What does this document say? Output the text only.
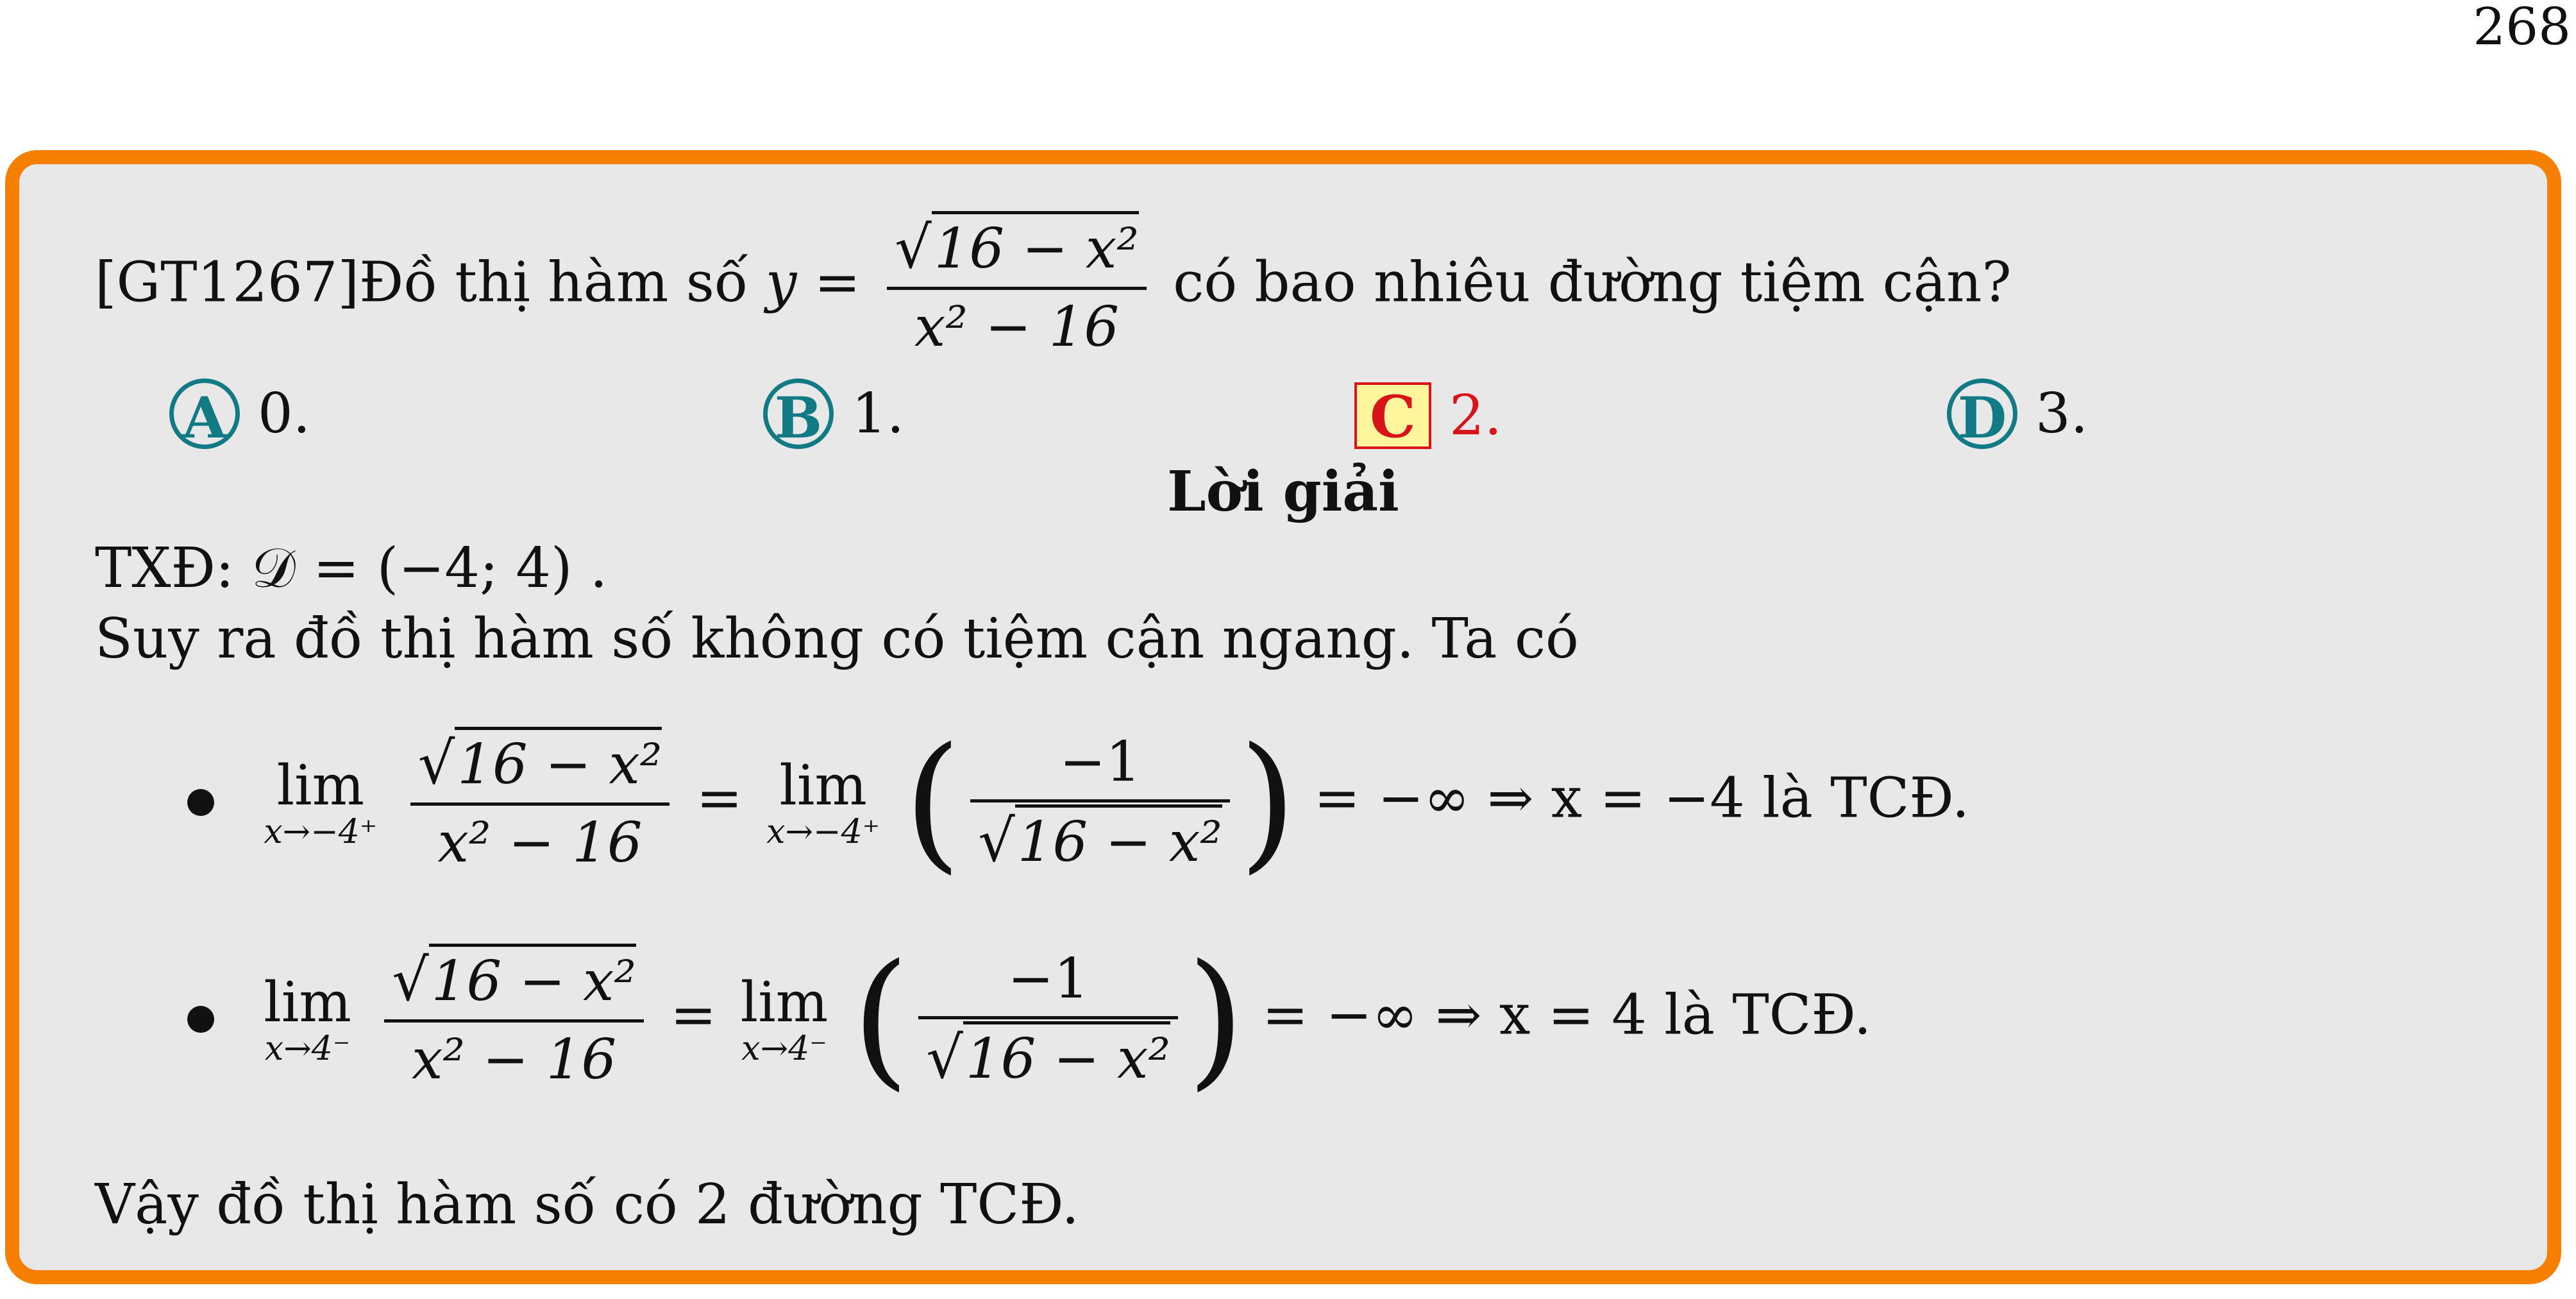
268
[GT1267]Đồ thị hàm số $y = \frac{\text{√16 − x²}}{\text{x² − 16}}$ có bao nhiêu đường tiệm cận?
A 0.	B 1.	C 2.	D 3.
Lời giải
TXĐ: 𝒟 = (−4; 4) .
Suy ra đồ thị hàm số không có tiệm cận ngang. Ta có

lim
x→−4⁺
$\frac{\text{√16 − x²}}{\text{x² − 16}} = \lim$
x→−4⁺ ( $\frac{-1}{\text{√16 − x²}}$ ) = −∞ ⇒ x = −4 là TCĐ.

lim
x→4⁻
$\frac{\text{√16 − x²}}{\text{x² − 16}} = \lim$
x→4⁻ ( $\frac{-1}{\text{√16 − x²}}$ ) = −∞ ⇒ x = 4 là TCĐ.
Vậy đồ thị hàm số có 2 đường TCĐ.
